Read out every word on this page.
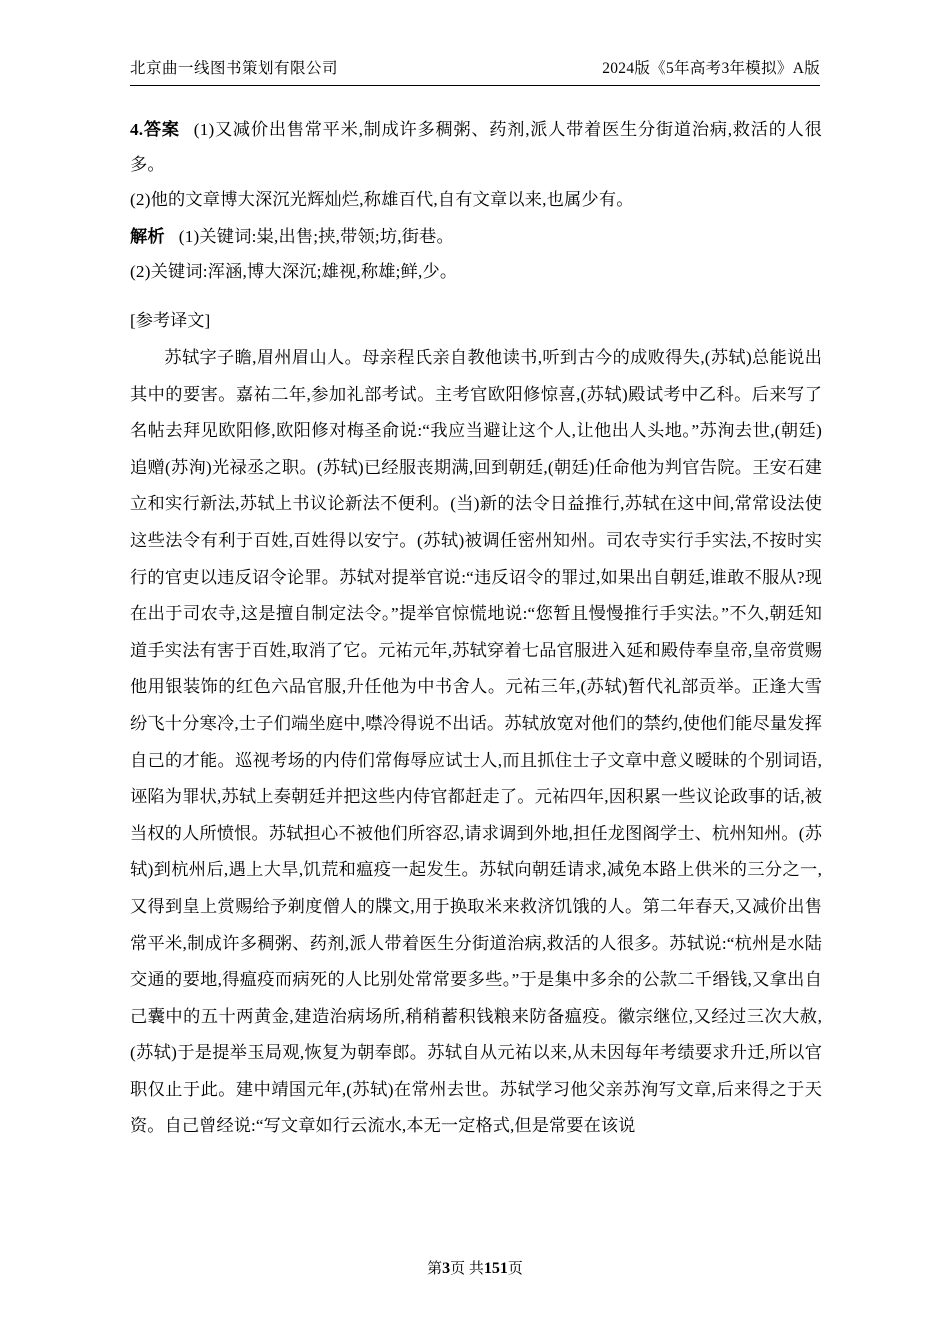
北京曲一线图书策划有限公司	2024版《5年高考3年模拟》A版

4.答案 (1)又减价出售常平米,制成许多稠粥、药剂,派人带着医生分街道治病,救活的人很多。

(2)他的文章博大深沉光辉灿烂,称雄百代,自有文章以来,也属少有。

解析 (1)关键词:粜,出售;挟,带领;坊,街巷。

(2)关键词:浑涵,博大深沉;雄视,称雄;鲜,少。

[参考译文]
苏轼字子瞻,眉州眉山人。母亲程氏亲自教他读书,听到古今的成败得失,(苏轼)总能说出其中的要害。嘉祐二年,参加礼部考试。主考官欧阳修惊喜,(苏轼)殿试考中乙科。后来写了名帖去拜见欧阳修,欧阳修对梅圣俞说:“我应当避让这个人,让他出人头地。”苏洵去世,(朝廷)追赠(苏洵)光禄丞之职。(苏轼)已经服丧期满,回到朝廷,(朝廷)任命他为判官告院。王安石建立和实行新法,苏轼上书议论新法不便利。(当)新的法令日益推行,苏轼在这中间,常常设法使这些法令有利于百姓,百姓得以安宁。(苏轼)被调任密州知州。司农寺实行手实法,不按时实行的官吏以违反诏令论罪。苏轼对提举官说:“违反诏令的罪过,如果出自朝廷,谁敢不服从?现在出于司农寺,这是擅自制定法令。”提举官惊慌地说:“您暂且慢慢推行手实法。”不久,朝廷知道手实法有害于百姓,取消了它。元祐元年,苏轼穿着七品官服进入延和殿侍奉皇帝,皇帝赏赐他用银装饰的红色六品官服,升任他为中书舍人。元祐三年,(苏轼)暂代礼部贡举。正逢大雪纷飞十分寒冷,士子们端坐庭中,噤冷得说不出话。苏轼放宽对他们的禁约,使他们能尽量发挥自己的才能。巡视考场的内侍们常侮辱应试士人,而且抓住士子文章中意义暧昧的个别词语,诬陷为罪状,苏轼上奏朝廷并把这些内侍官都赶走了。元祐四年,因积累一些议论政事的话,被当权的人所愤恨。苏轼担心不被他们所容忍,请求调到外地,担任龙图阁学士、杭州知州。(苏轼)到杭州后,遇上大旱,饥荒和瘟疫一起发生。苏轼向朝廷请求,减免本路上供米的三分之一,又得到皇上赏赐给予剃度僧人的牒文,用于换取米来救济饥饿的人。第二年春天,又减价出售常平米,制成许多稠粥、药剂,派人带着医生分街道治病,救活的人很多。苏轼说:“杭州是水陆交通的要地,得瘟疫而病死的人比别处常常要多些。”于是集中多余的公款二千缗钱,又拿出自己囊中的五十两黄金,建造治病场所,稍稍蓄积钱粮来防备瘟疫。徽宗继位,又经过三次大赦,(苏轼)于是提举玉局观,恢复为朝奉郎。苏轼自从元祐以来,从未因每年考绩要求升迁,所以官职仅止于此。建中靖国元年,(苏轼)在常州去世。苏轼学习他父亲苏洵写文章,后来得之于天资。自己曾经说:“写文章如行云流水,本无一定格式,但是常要在该说
第3页 共151页
